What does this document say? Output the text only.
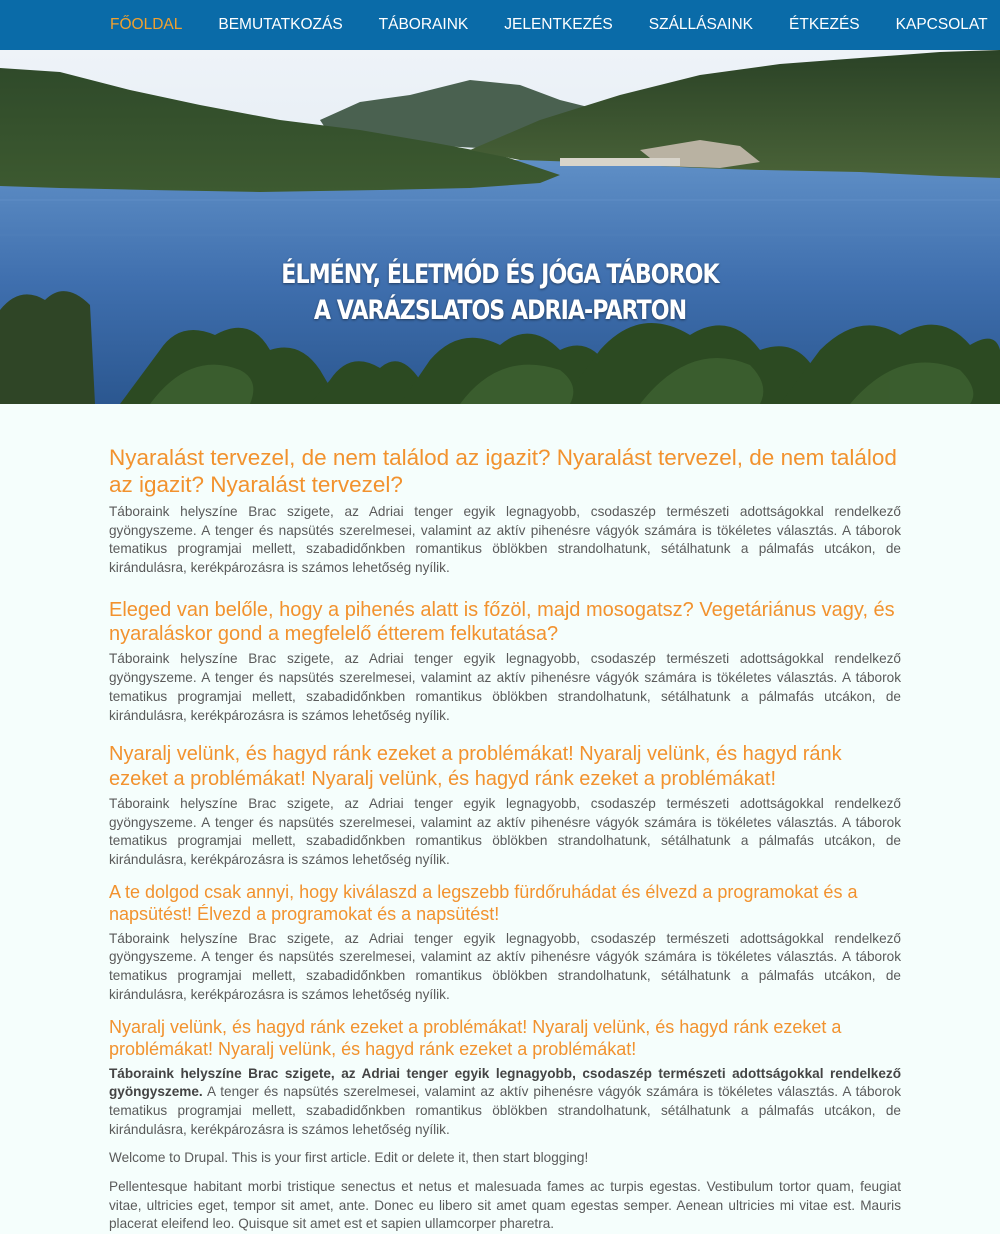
FŐOLDAL BEMUTATKOZÁS TÁBORAINK JELENTKEZÉS SZÁLLÁSAINK ÉTKEZÉS KAPCSOLAT
ÉLMÉNY, ÉLETMÓD ÉS JÓGA TÁBOROK
A VARÁZSLATOS ADRIA-PARTON
Nyaralást tervezel, de nem találod az igazit? Nyaralást tervezel, de nem találod az igazit? Nyaralást tervezel?

Táboraink helyszíne Brac szigete, az Adriai tenger egyik legnagyobb, csodaszép természeti adottságokkal rendelkező gyöngyszeme. A tenger és napsütés szerelmesei, valamint az aktív pihenésre vágyók számára is tökéletes választás. A táborok tematikus programjai mellett, szabadidőnkben romantikus öblökben strandolhatunk, sétálhatunk a pálmafás utcákon, de kirándulásra, kerékpározásra is számos lehetőség nyílik.

Eleged van belőle, hogy a pihenés alatt is főzöl, majd mosogatsz? Vegetáriánus vagy, és nyaraláskor gond a megfelelő étterem felkutatása?

Táboraink helyszíne Brac szigete, az Adriai tenger egyik legnagyobb, csodaszép természeti adottságokkal rendelkező gyöngyszeme. A tenger és napsütés szerelmesei, valamint az aktív pihenésre vágyók számára is tökéletes választás. A táborok tematikus programjai mellett, szabadidőnkben romantikus öblökben strandolhatunk, sétálhatunk a pálmafás utcákon, de kirándulásra, kerékpározásra is számos lehetőség nyílik.

Nyaralj velünk, és hagyd ránk ezeket a problémákat! Nyaralj velünk, és hagyd ránk ezeket a problémákat! Nyaralj velünk, és hagyd ránk ezeket a problémákat!

Táboraink helyszíne Brac szigete, az Adriai tenger egyik legnagyobb, csodaszép természeti adottságokkal rendelkező gyöngyszeme. A tenger és napsütés szerelmesei, valamint az aktív pihenésre vágyók számára is tökéletes választás. A táborok tematikus programjai mellett, szabadidőnkben romantikus öblökben strandolhatunk, sétálhatunk a pálmafás utcákon, de kirándulásra, kerékpározásra is számos lehetőség nyílik.

A te dolgod csak annyi, hogy kiválaszd a legszebb fürdőruhádat és élvezd a programokat és a napsütést! Élvezd a programokat és a napsütést!

Táboraink helyszíne Brac szigete, az Adriai tenger egyik legnagyobb, csodaszép természeti adottságokkal rendelkező gyöngyszeme. A tenger és napsütés szerelmesei, valamint az aktív pihenésre vágyók számára is tökéletes választás. A táborok tematikus programjai mellett, szabadidőnkben romantikus öblökben strandolhatunk, sétálhatunk a pálmafás utcákon, de kirándulásra, kerékpározásra is számos lehetőség nyílik.

Nyaralj velünk, és hagyd ránk ezeket a problémákat! Nyaralj velünk, és hagyd ránk ezeket a problémákat! Nyaralj velünk, és hagyd ránk ezeket a problémákat!

Táboraink helyszíne Brac szigete, az Adriai tenger egyik legnagyobb, csodaszép természeti adottságokkal rendelkező gyöngyszeme. A tenger és napsütés szerelmesei, valamint az aktív pihenésre vágyók számára is tökéletes választás. A táborok tematikus programjai mellett, szabadidőnkben romantikus öblökben strandolhatunk, sétálhatunk a pálmafás utcákon, de kirándulásra, kerékpározásra is számos lehetőség nyílik.

Welcome to Drupal. This is your first article. Edit or delete it, then start blogging!

Pellentesque habitant morbi tristique senectus et netus et malesuada fames ac turpis egestas. Vestibulum tortor quam, feugiat vitae, ultricies eget, tempor sit amet, ante. Donec eu libero sit amet quam egestas semper. Aenean ultricies mi vitae est. Mauris placerat eleifend leo. Quisque sit amet est et sapien ullamcorper pharetra.
